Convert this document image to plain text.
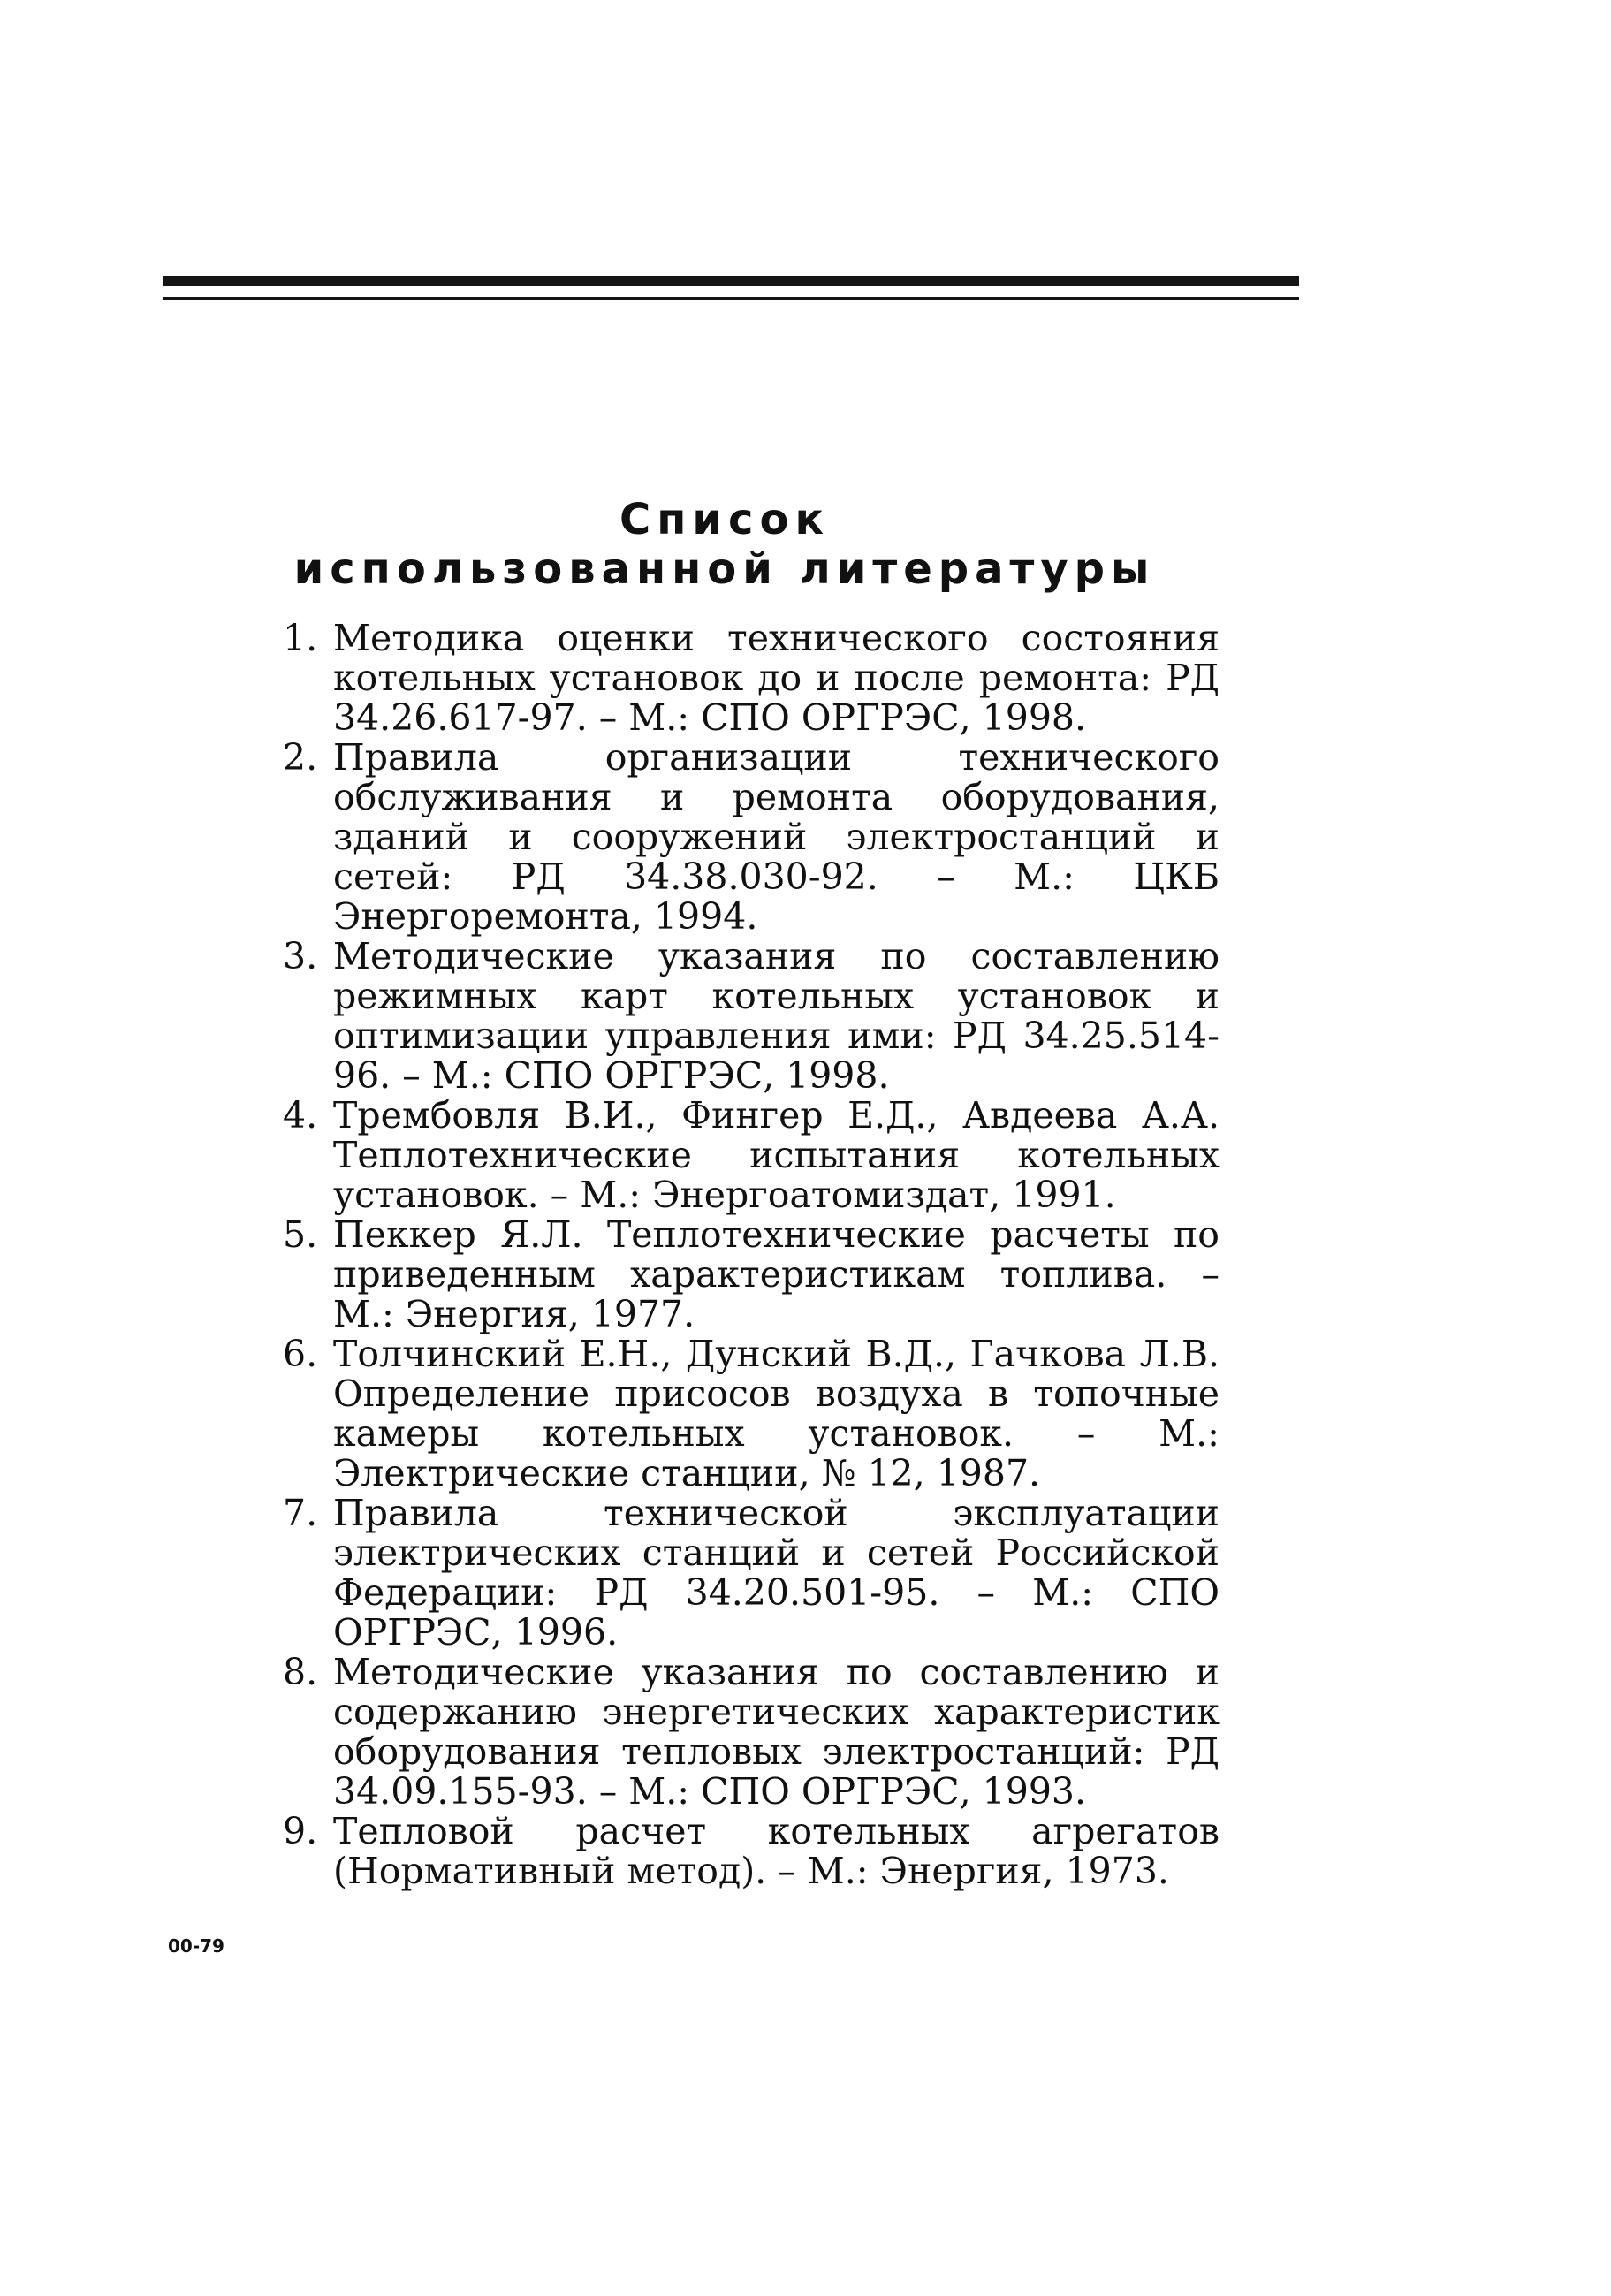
Список
использованной литературы
1. Методика оценки технического состояния котельных установок до и после ремонта: РД 34.26.617-97. – М.: СПО ОРГРЭС, 1998.
2. Правила организации технического обслуживания и ремонта оборудования, зданий и сооружений электростанций и сетей: РД 34.38.030-92. – М.: ЦКБ Энергоремонта, 1994.
3. Методические указания по составлению режимных карт котельных установок и оптимизации управления ими: РД 34.25.514-96. – М.: СПО ОРГРЭС, 1998.
4. Трембовля В.И., Фингер Е.Д., Авдеева А.А. Теплотехнические испытания котельных установок. – М.: Энергоатомиздат, 1991.
5. Пеккер Я.Л. Теплотехнические расчеты по приведенным характеристикам топлива. – М.: Энергия, 1977.
6. Толчинский Е.Н., Дунский В.Д., Гачкова Л.В. Определение присосов воздуха в топочные камеры котельных установок. – М.: Электрические станции, № 12, 1987.
7. Правила технической эксплуатации электрических станций и сетей Российской Федерации: РД 34.20.501-95. – М.: СПО ОРГРЭС, 1996.
8. Методические указания по составлению и содержанию энергетических характеристик оборудования тепловых электростанций: РД 34.09.155-93. – М.: СПО ОРГРЭС, 1993.
9. Тепловой расчет котельных агрегатов (Нормативный метод). – М.: Энергия, 1973.
00-79
